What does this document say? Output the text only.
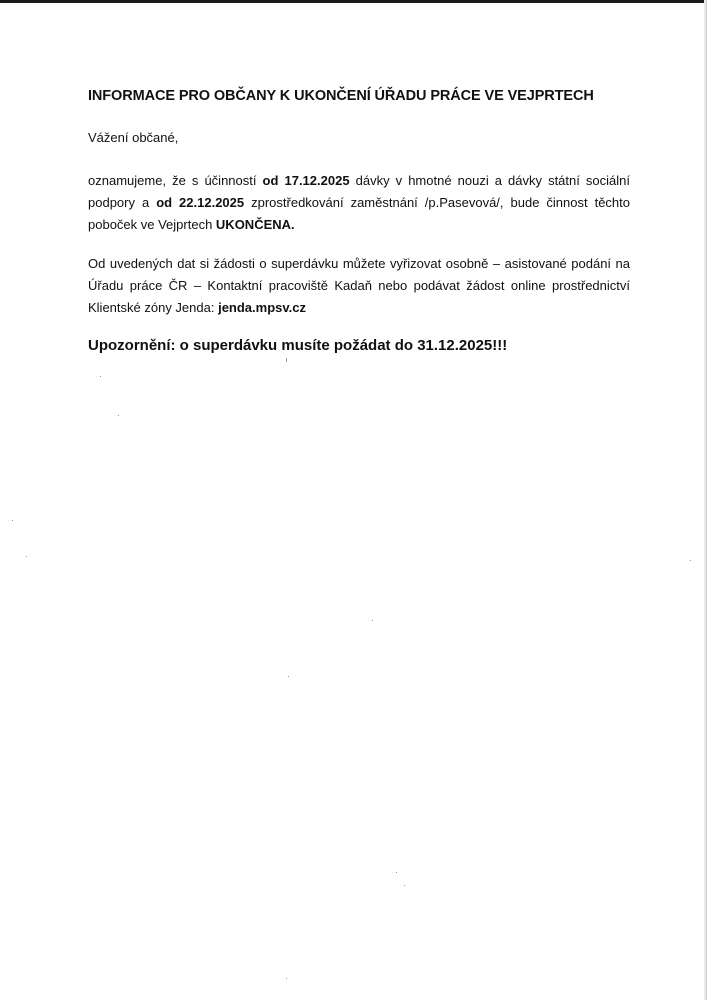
INFORMACE PRO OBČANY K UKONČENÍ ÚŘADU PRÁCE VE VEJPRTECH
Vážení občané,
oznamujeme, že s účinností od 17.12.2025 dávky v hmotné nouzi a dávky státní sociální
podpory a od 22.12.2025 zprostředkování zaměstnání /p.Pasevová/, bude činnost těchto
poboček ve Vejprtech UKONČENA.
Od uvedených dat si žádosti o superdávku můžete vyřizovat osobně – asistované podání na
Úřadu práce ČR – Kontaktní pracoviště Kadaň nebo podávat žádost online prostřednictví
Klientské zóny Jenda: jenda.mpsv.cz
Upozornění: o superdávku musíte požádat do 31.12.2025!!!
